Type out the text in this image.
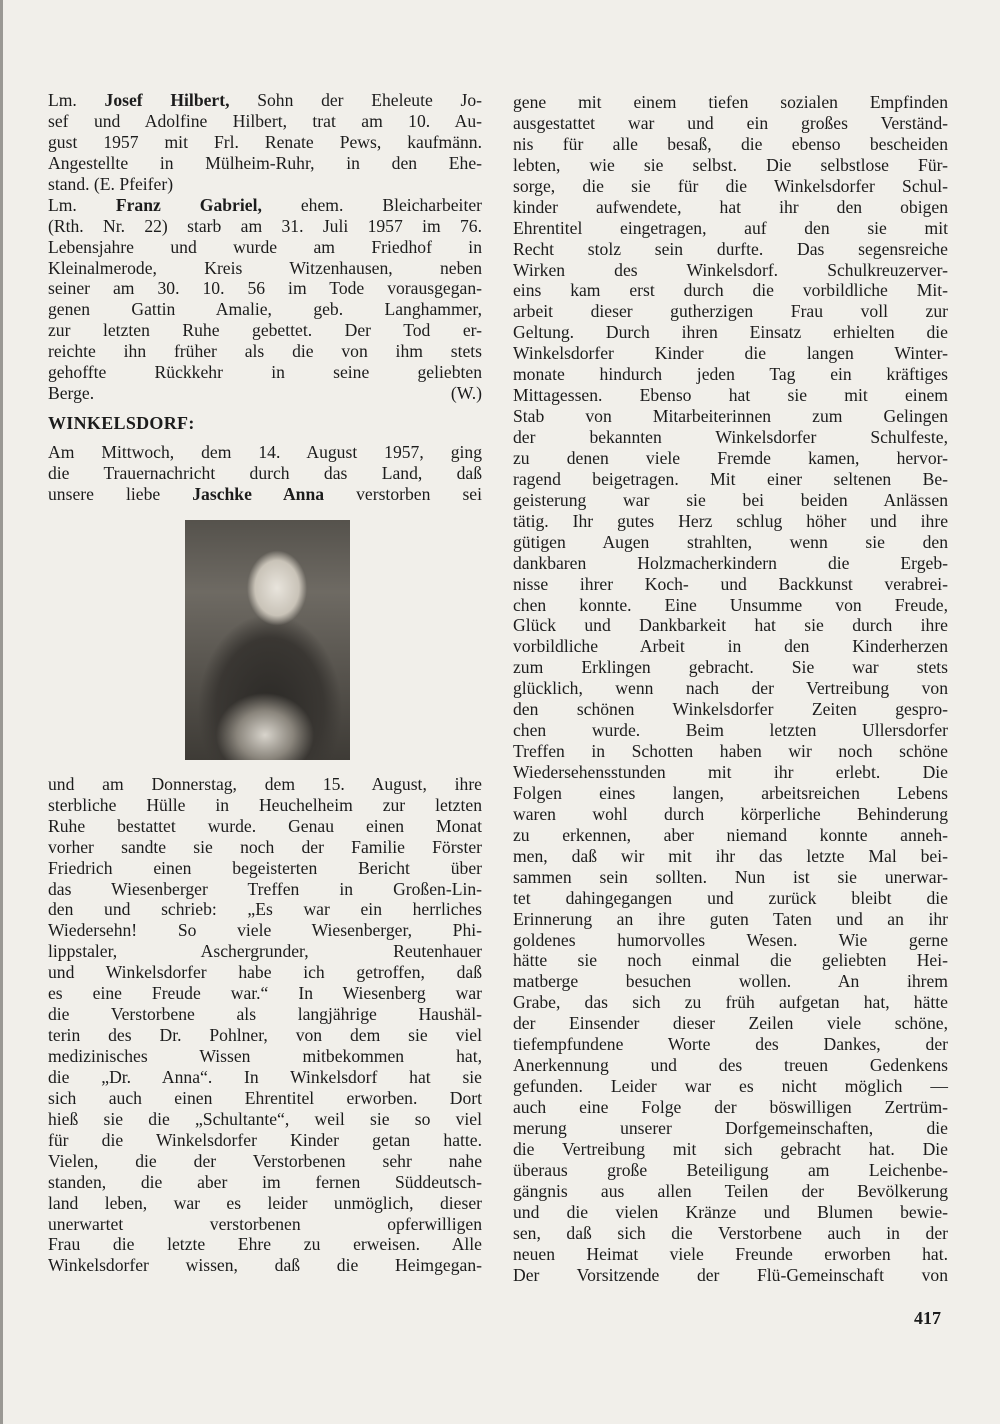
Lm. Josef Hilbert, Sohn der Eheleute Jo-
sef und Adolfine Hilbert, trat am 10. Au-
gust 1957 mit Frl. Renate Pews, kaufmänn.
Angestellte in Mülheim-Ruhr, in den Ehe-
stand. (E. Pfeifer)
Lm. Franz Gabriel, ehem. Bleicharbeiter
(Rth. Nr. 22) starb am 31. Juli 1957 im 76.
Lebensjahre und wurde am Friedhof in
Kleinalmerode, Kreis Witzenhausen, neben
seiner am 30. 10. 56 im Tode vorausgegan-
genen Gattin Amalie, geb. Langhammer,
zur letzten Ruhe gebettet. Der Tod er-
reichte ihn früher als die von ihm stets
gehoffte Rückkehr in seine geliebten
Berge. (W.)
WINKELSDORF:
Am Mittwoch, dem 14. August 1957, ging
die Trauernachricht durch das Land, daß
unsere liebe Jaschke Anna verstorben sei
und am Donnerstag, dem 15. August, ihre
sterbliche Hülle in Heuchelheim zur letzten
Ruhe bestattet wurde. Genau einen Monat
vorher sandte sie noch der Familie Förster
Friedrich einen begeisterten Bericht über
das Wiesenberger Treffen in Großen-Lin-
den und schrieb: „Es war ein herrliches
Wiedersehn! So viele Wiesenberger, Phi-
lippstaler, Aschergrunder, Reutenhauer
und Winkelsdorfer habe ich getroffen, daß
es eine Freude war.“ In Wiesenberg war
die Verstorbene als langjährige Haushäl-
terin des Dr. Pohlner, von dem sie viel
medizinisches Wissen mitbekommen hat,
die „Dr. Anna“. In Winkelsdorf hat sie
sich auch einen Ehrentitel erworben. Dort
hieß sie die „Schultante“, weil sie so viel
für die Winkelsdorfer Kinder getan hatte.
Vielen, die der Verstorbenen sehr nahe
standen, die aber im fernen Süddeutsch-
land leben, war es leider unmöglich, dieser
unerwartet verstorbenen opferwilligen
Frau die letzte Ehre zu erweisen. Alle
Winkelsdorfer wissen, daß die Heimgegan-
gene mit einem tiefen sozialen Empfinden
ausgestattet war und ein großes Verständ-
nis für alle besaß, die ebenso bescheiden
lebten, wie sie selbst. Die selbstlose Für-
sorge, die sie für die Winkelsdorfer Schul-
kinder aufwendete, hat ihr den obigen
Ehrentitel eingetragen, auf den sie mit
Recht stolz sein durfte. Das segensreiche
Wirken des Winkelsdorf. Schulkreuzerver-
eins kam erst durch die vorbildliche Mit-
arbeit dieser gutherzigen Frau voll zur
Geltung. Durch ihren Einsatz erhielten die
Winkelsdorfer Kinder die langen Winter-
monate hindurch jeden Tag ein kräftiges
Mittagessen. Ebenso hat sie mit einem
Stab von Mitarbeiterinnen zum Gelingen
der bekannten Winkelsdorfer Schulfeste,
zu denen viele Fremde kamen, hervor-
ragend beigetragen. Mit einer seltenen Be-
geisterung war sie bei beiden Anlässen
tätig. Ihr gutes Herz schlug höher und ihre
gütigen Augen strahlten, wenn sie den
dankbaren Holzmacherkindern die Ergeb-
nisse ihrer Koch- und Backkunst verabrei-
chen konnte. Eine Unsumme von Freude,
Glück und Dankbarkeit hat sie durch ihre
vorbildliche Arbeit in den Kinderherzen
zum Erklingen gebracht. Sie war stets
glücklich, wenn nach der Vertreibung von
den schönen Winkelsdorfer Zeiten gespro-
chen wurde. Beim letzten Ullersdorfer
Treffen in Schotten haben wir noch schöne
Wiedersehensstunden mit ihr erlebt. Die
Folgen eines langen, arbeitsreichen Lebens
waren wohl durch körperliche Behinderung
zu erkennen, aber niemand konnte anneh-
men, daß wir mit ihr das letzte Mal bei-
sammen sein sollten. Nun ist sie unerwar-
tet dahingegangen und zurück bleibt die
Erinnerung an ihre guten Taten und an ihr
goldenes humorvolles Wesen. Wie gerne
hätte sie noch einmal die geliebten Hei-
matberge besuchen wollen. An ihrem
Grabe, das sich zu früh aufgetan hat, hätte
der Einsender dieser Zeilen viele schöne,
tiefempfundene Worte des Dankes, der
Anerkennung und des treuen Gedenkens
gefunden. Leider war es nicht möglich —
auch eine Folge der böswilligen Zertrüm-
merung unserer Dorfgemeinschaften, die
die Vertreibung mit sich gebracht hat. Die
überaus große Beteiligung am Leichenbe-
gängnis aus allen Teilen der Bevölkerung
und die vielen Kränze und Blumen bewie-
sen, daß sich die Verstorbene auch in der
neuen Heimat viele Freunde erworben hat.
Der Vorsitzende der Flü-Gemeinschaft von
417
